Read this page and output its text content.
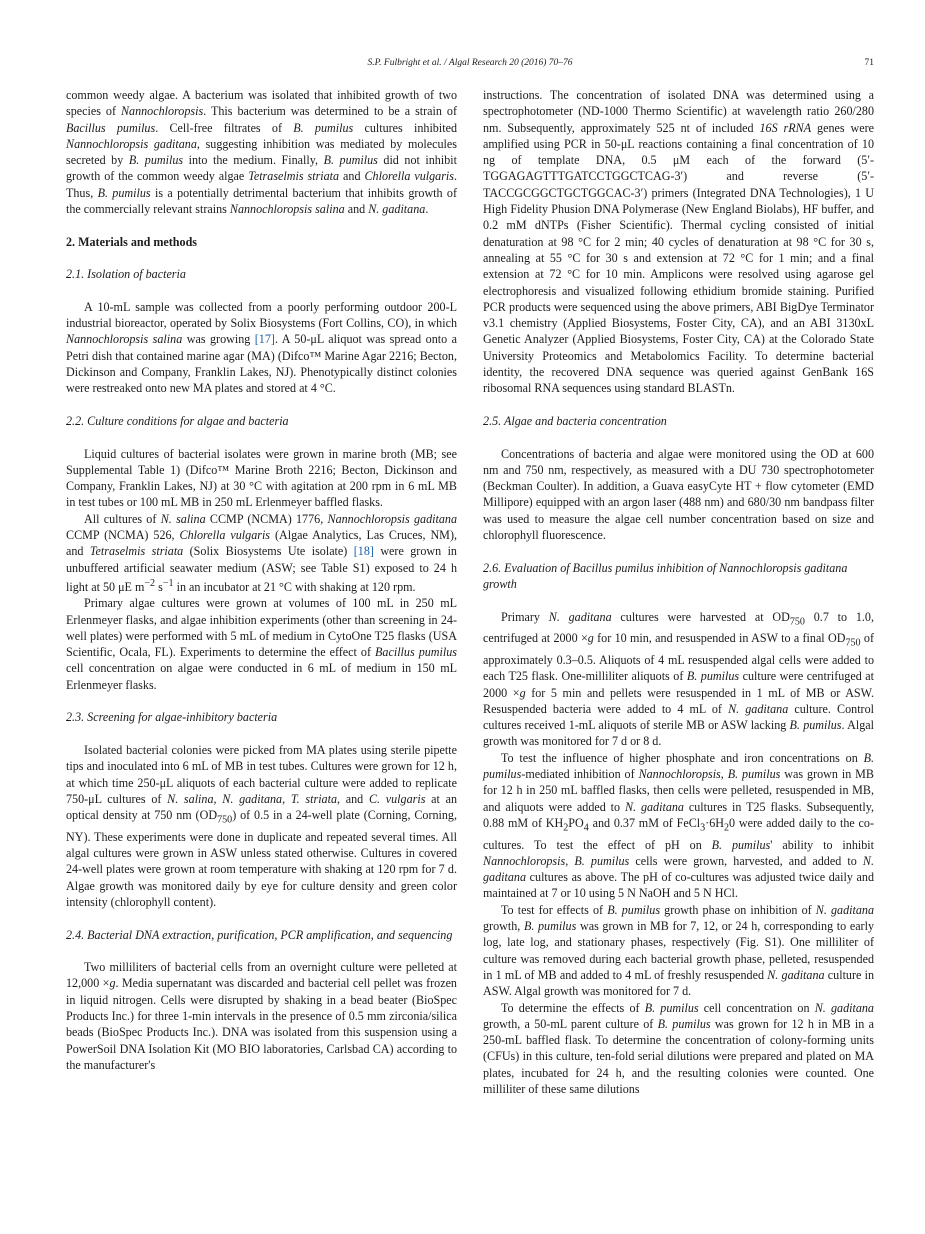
S.P. Fulbright et al. / Algal Research 20 (2016) 70–76	71

common weedy algae. A bacterium was isolated that inhibited growth of two species of Nannochloropsis. This bacterium was determined to be a strain of Bacillus pumilus. Cell-free filtrates of B. pumilus cultures inhibited Nannochloropsis gaditana, suggesting inhibition was mediated by molecules secreted by B. pumilus into the medium. Finally, B. pumilus did not inhibit growth of the common weedy algae Tetraselmis striata and Chlorella vulgaris. Thus, B. pumilus is a potentially detrimental bacterium that inhibits growth of the commercially relevant strains Nannochloropsis salina and N. gaditana.

2. Materials and methods
2.1. Isolation of bacteria

A 10-mL sample was collected from a poorly performing outdoor 200-L industrial bioreactor, operated by Solix Biosystems (Fort Collins, CO), in which Nannochloropsis salina was growing [17]. A 50-μL aliquot was spread onto a Petri dish that contained marine agar (MA) (Difco™ Marine Agar 2216; Becton, Dickinson and Company, Franklin Lakes, NJ). Phenotypically distinct colonies were restreaked onto new MA plates and stored at 4 °C.

2.2. Culture conditions for algae and bacteria

Liquid cultures of bacterial isolates were grown in marine broth (MB; see Supplemental Table 1) (Difco™ Marine Broth 2216; Becton, Dickinson and Company, Franklin Lakes, NJ) at 30 °C with agitation at 200 rpm in 6 mL MB in test tubes or 100 mL MB in 250 mL Erlenmeyer baffled flasks.

All cultures of N. salina CCMP (NCMA) 1776, Nannochloropsis gaditana CCMP (NCMA) 526, Chlorella vulgaris (Algae Analytics, Las Cruces, NM), and Tetraselmis striata (Solix Biosystems Ute isolate) [18] were grown in unbuffered artificial seawater medium (ASW; see Table S1) exposed to 24 h light at 50 μE $m^{-2}$ $s^{-1}$ in an incubator at 21 °C with shaking at 120 rpm.

Primary algae cultures were grown at volumes of 100 mL in 250 mL Erlenmeyer flasks, and algae inhibition experiments (other than screening in 24-well plates) were performed with 5 mL of medium in CytoOne T25 flasks (USA Scientific, Ocala, FL). Experiments to determine the effect of Bacillus pumilus cell concentration on algae were conducted in 6 mL of medium in 150 mL Erlenmeyer flasks.

2.3. Screening for algae-inhibitory bacteria

Isolated bacterial colonies were picked from MA plates using sterile pipette tips and inoculated into 6 mL of MB in test tubes. Cultures were grown for 12 h, at which time 250-μL aliquots of each bacterial culture were added to replicate 750-μL cultures of N. salina, N. gaditana, T. striata, and C. vulgaris at an optical density at 750 nm $(OD_{750})$ of 0.5 in a 24-well plate (Corning, Corning, NY). These experiments were done in duplicate and repeated several times. All algal cultures were grown in ASW unless stated otherwise. Cultures in covered 24-well plates were grown at room temperature with shaking at 120 rpm for 7 d. Algae growth was monitored daily by eye for culture density and green color intensity (chlorophyll content).

2.4. Bacterial DNA extraction, purification, PCR amplification, and sequencing

Two milliliters of bacterial cells from an overnight culture were pelleted at 12,000 ×g. Media supernatant was discarded and bacterial cell pellet was frozen in liquid nitrogen. Cells were disrupted by shaking in a bead beater (BioSpec Products Inc.) for three 1-min intervals in the presence of 0.5 mm zirconia/silica beads (BioSpec Products Inc.). DNA was isolated from this suspension using a PowerSoil DNA Isolation Kit (MO BIO laboratories, Carlsbad CA) according to the manufacturer's

instructions. The concentration of isolated DNA was determined using a spectrophotometer (ND-1000 Thermo Scientific) at wavelength ratio 260/280 nm. Subsequently, approximately 525 nt of included 16S rRNA genes were amplified using PCR in 50-μL reactions containing a final concentration of 10 ng of template DNA, 0.5 μM each of the forward (5′-TGGAGAGTTTGATCCTGGCTCAG-3′) and reverse (5′-TACCGCGGCTGCTGGCAC-3′) primers (Integrated DNA Technologies), 1 U High Fidelity Phusion DNA Polymerase (New England Biolabs), HF buffer, and 0.2 mM dNTPs (Fisher Scientific). Thermal cycling consisted of initial denaturation at 98 °C for 2 min; 40 cycles of denaturation at 98 °C for 30 s, annealing at 55 °C for 30 s and extension at 72 °C for 1 min; and a final extension at 72 °C for 10 min. Amplicons were resolved using agarose gel electrophoresis and visualized following ethidium bromide staining. Purified PCR products were sequenced using the above primers, ABI BigDye Terminator v3.1 chemistry (Applied Biosystems, Foster City, CA), and an ABI 3130xL Genetic Analyzer (Applied Biosystems, Foster City, CA) at the Colorado State University Proteomics and Metabolomics Facility. To determine bacterial identity, the recovered DNA sequence was queried against GenBank 16S ribosomal RNA sequences using standard BLASTn.

2.5. Algae and bacteria concentration

Concentrations of bacteria and algae were monitored using the OD at 600 nm and 750 nm, respectively, as measured with a DU 730 spectrophotometer (Beckman Coulter). In addition, a Guava easyCyte HT + flow cytometer (EMD Millipore) equipped with an argon laser (488 nm) and 680/30 nm bandpass filter was used to measure the algae cell number concentration based on size and chlorophyll fluorescence.

2.6. Evaluation of Bacillus pumilus inhibition of Nannochloropsis gaditana growth

Primary N. gaditana cultures were harvested at $OD_{750}$ 0.7 to 1.0, centrifuged at 2000 ×g for 10 min, and resuspended in ASW to a final $OD_{750}$ of approximately 0.3–0.5. Aliquots of 4 mL resuspended algal cells were added to each T25 flask. One-milliliter aliquots of B. pumilus culture were centrifuged at 2000 ×g for 5 min and pellets were resuspended in 1 mL of MB or ASW. Resuspended bacteria were added to 4 mL of N. gaditana culture. Control cultures received 1-mL aliquots of sterile MB or ASW lacking B. pumilus. Algal growth was monitored for 7 d or 8 d.

To test the influence of higher phosphate and iron concentrations on B. pumilus-mediated inhibition of Nannochloropsis, B. pumilus was grown in MB for 12 h in 250 mL baffled flasks, then cells were pelleted, resuspended in MB, and aliquots were added to N. gaditana cultures in T25 flasks. Subsequently, 0.88 mM of $KH_2PO_4$ and 0.37 mM of $FeCl_3\cdot 6H_20$ were added daily to the co-cultures. To test the effect of pH on B. pumilus' ability to inhibit Nannochloropsis, B. pumilus cells were grown, harvested, and added to N. gaditana cultures as above. The pH of co-cultures was adjusted twice daily and maintained at 7 or 10 using 5 N NaOH and 5 N HCl.

To test for effects of B. pumilus growth phase on inhibition of N. gaditana growth, B. pumilus was grown in MB for 7, 12, or 24 h, corresponding to early log, late log, and stationary phases, respectively (Fig. S1). One milliliter of culture was removed during each bacterial growth phase, pelleted, resuspended in 1 mL of MB and added to 4 mL of freshly resuspended N. gaditana culture in ASW. Algal growth was monitored for 7 d.

To determine the effects of B. pumilus cell concentration on N. gaditana growth, a 50-mL parent culture of B. pumilus was grown for 12 h in MB in a 250-mL baffled flask. To determine the concentration of colony-forming units (CFUs) in this culture, ten-fold serial dilutions were prepared and plated on MA plates, incubated for 24 h, and the resulting colonies were counted. One milliliter of these same dilutions
